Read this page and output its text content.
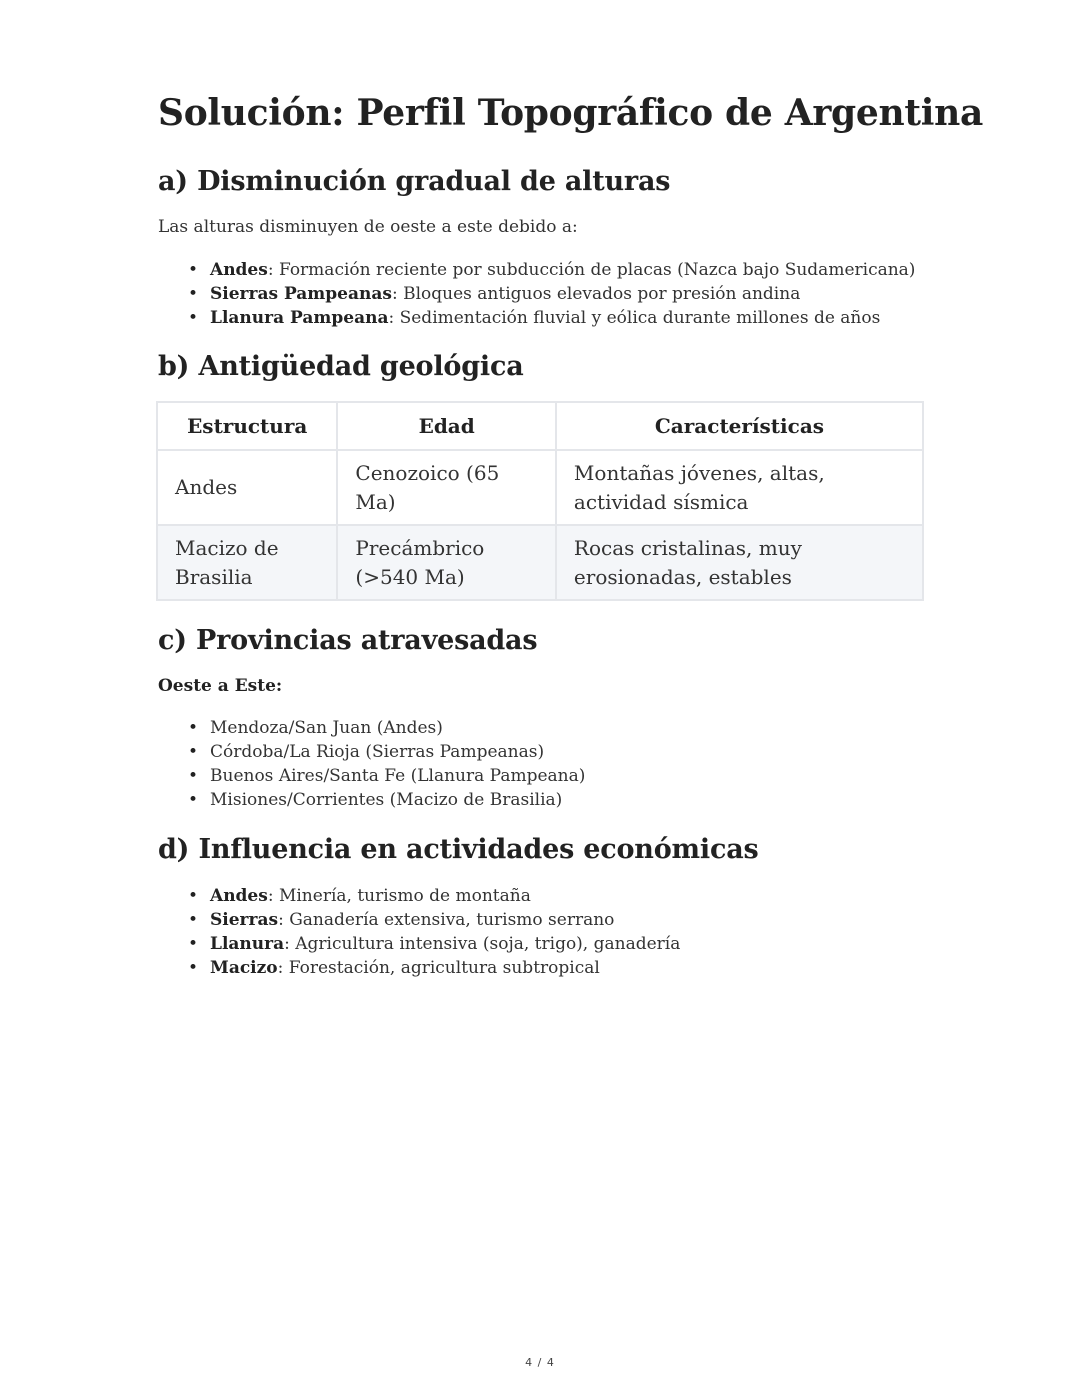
Solución: Perfil Topográfico de Argentina
a) Disminución gradual de alturas

Las alturas disminuyen de oeste a este debido a:

• Andes: Formación reciente por subducción de placas (Nazca bajo Sudamericana)
• Sierras Pampeanas: Bloques antiguos elevados por presión andina
• Llanura Pampeana: Sedimentación fluvial y eólica durante millones de años
b) Antigüedad geológica
Estructura	Edad	Características
Andes	Cenozoico (65 Ma)	Montañas jóvenes, altas, actividad sísmica
Macizo de Brasilia	Precámbrico (>540 Ma)	Rocas cristalinas, muy erosionadas, estables
c) Provincias atravesadas

Oeste a Este:

• Mendoza/San Juan (Andes)
• Córdoba/La Rioja (Sierras Pampeanas)
• Buenos Aires/Santa Fe (Llanura Pampeana)
• Misiones/Corrientes (Macizo de Brasilia)
d) Influencia en actividades económicas
• Andes: Minería, turismo de montaña
• Sierras: Ganadería extensiva, turismo serrano
• Llanura: Agricultura intensiva (soja, trigo), ganadería
• Macizo: Forestación, agricultura subtropical
4 / 4
